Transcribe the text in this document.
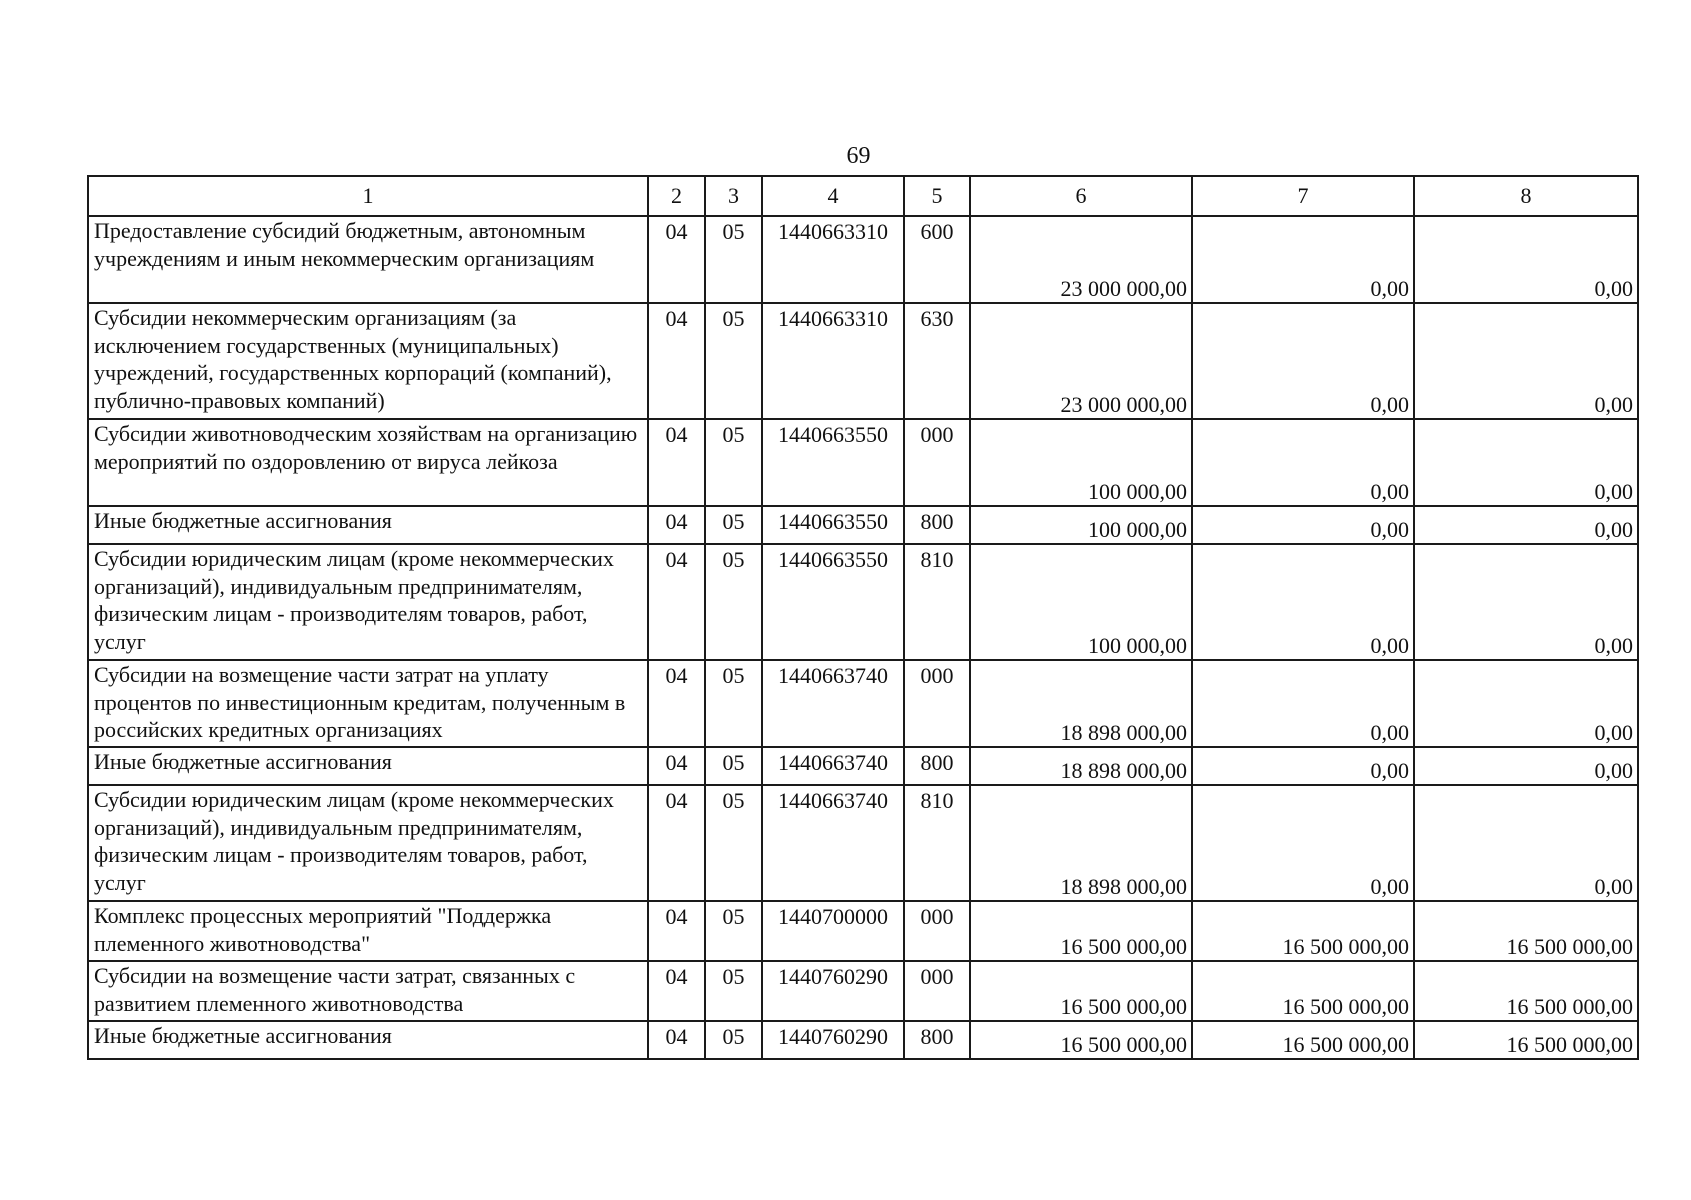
69
1	2	3	4	5	6	7	8
Предоставление субсидий бюджетным, автономным учреждениям и иным некоммерческим организациям	04	05	1440663310	600	23 000 000,00	0,00	0,00
Субсидии некоммерческим организациям (за исключением государственных (муниципальных) учреждений, государственных корпораций (компаний), публично-правовых компаний)	04	05	1440663310	630	23 000 000,00	0,00	0,00
Субсидии животноводческим хозяйствам на организацию мероприятий по оздоровлению от вируса лейкоза	04	05	1440663550	000	100 000,00	0,00	0,00
Иные бюджетные ассигнования	04	05	1440663550	800	100 000,00	0,00	0,00
Субсидии юридическим лицам (кроме некоммерческих организаций), индивидуальным предпринимателям, физическим лицам - производителям товаров, работ, услуг	04	05	1440663550	810	100 000,00	0,00	0,00
Субсидии на возмещение части затрат на уплату процентов по инвестиционным кредитам, полученным в российских кредитных организациях	04	05	1440663740	000	18 898 000,00	0,00	0,00
Иные бюджетные ассигнования	04	05	1440663740	800	18 898 000,00	0,00	0,00
Субсидии юридическим лицам (кроме некоммерческих организаций), индивидуальным предпринимателям, физическим лицам - производителям товаров, работ, услуг	04	05	1440663740	810	18 898 000,00	0,00	0,00
Комплекс процессных мероприятий "Поддержка племенного животноводства"	04	05	1440700000	000	16 500 000,00	16 500 000,00	16 500 000,00
Субсидии на возмещение части затрат, связанных с развитием племенного животноводства	04	05	1440760290	000	16 500 000,00	16 500 000,00	16 500 000,00
Иные бюджетные ассигнования	04	05	1440760290	800	16 500 000,00	16 500 000,00	16 500 000,00
